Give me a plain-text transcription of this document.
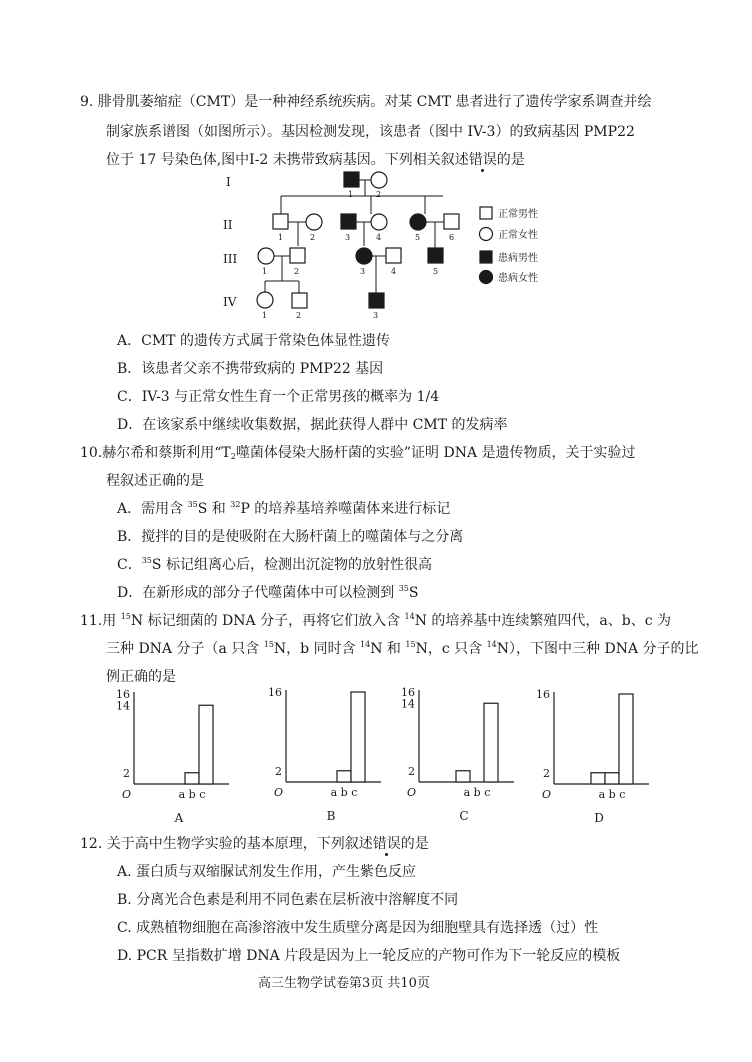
9. 腓骨肌萎缩症（CMT）是一种神经系统疾病。对某 CMT 患者进行了遗传学家系调查并绘
制家族系谱图（如图所示）。基因检测发现，该患者（图中 IV-3）的致病基因 PMP22
位于 17 号染色体,图中Ⅰ-2 未携带致病基因。下列相关叙述错误的是
I
II
III
IV
1	2
1	2	3	4	5	6
1	2	3	4	5
1	2	3
正常男性
正常女性
患病男性
患病女性
A．CMT 的遗传方式属于常染色体显性遗传
B．该患者父亲不携带致病的 PMP22 基因
C．IV-3 与正常女性生育一个正常男孩的概率为 1/4
D．在该家系中继续收集数据，据此获得人群中 CMT 的发病率
10.赫尔希和蔡斯利用“$T_2$噬菌体侵染大肠杆菌的实验”证明 DNA 是遗传物质，关于实验过
程叙述正确的是
A．需用含 $^{35}$S 和 $^{32}$P 的培养基培养噬菌体来进行标记
B．搅拌的目的是使吸附在大肠杆菌上的噬菌体与之分离
C．$^{35}$S 标记组离心后，检测出沉淀物的放射性很高
D．在新形成的部分子代噬菌体中可以检测到 $^{35}$S
11.用 $^{15}$N 标记细菌的 DNA 分子，再将它们放入含 $^{14}$N 的培养基中连续繁殖四代，a、b、c 为
三种 DNA 分子（a 只含 $^{15}$N，b 同时含 $^{14}$N 和 $^{15}$N，c 只含 $^{14}$N），下图中三种 DNA 分子的比
例正确的是
2
14
16
a b c
O
A
2
16
a b c
O
B
2
14
16
a b c
O
C
2
16
a b c
O
D
12. 关于高中生物学实验的基本原理，下列叙述错误的是
A. 蛋白质与双缩脲试剂发生作用，产生紫色反应
B. 分离光合色素是利用不同色素在层析液中溶解度不同
C. 成熟植物细胞在高渗溶液中发生质壁分离是因为细胞壁具有选择透（过）性
D. PCR 呈指数扩增 DNA 片段是因为上一轮反应的产物可作为下一轮反应的模板
高三生物学试卷第3页 共10页
